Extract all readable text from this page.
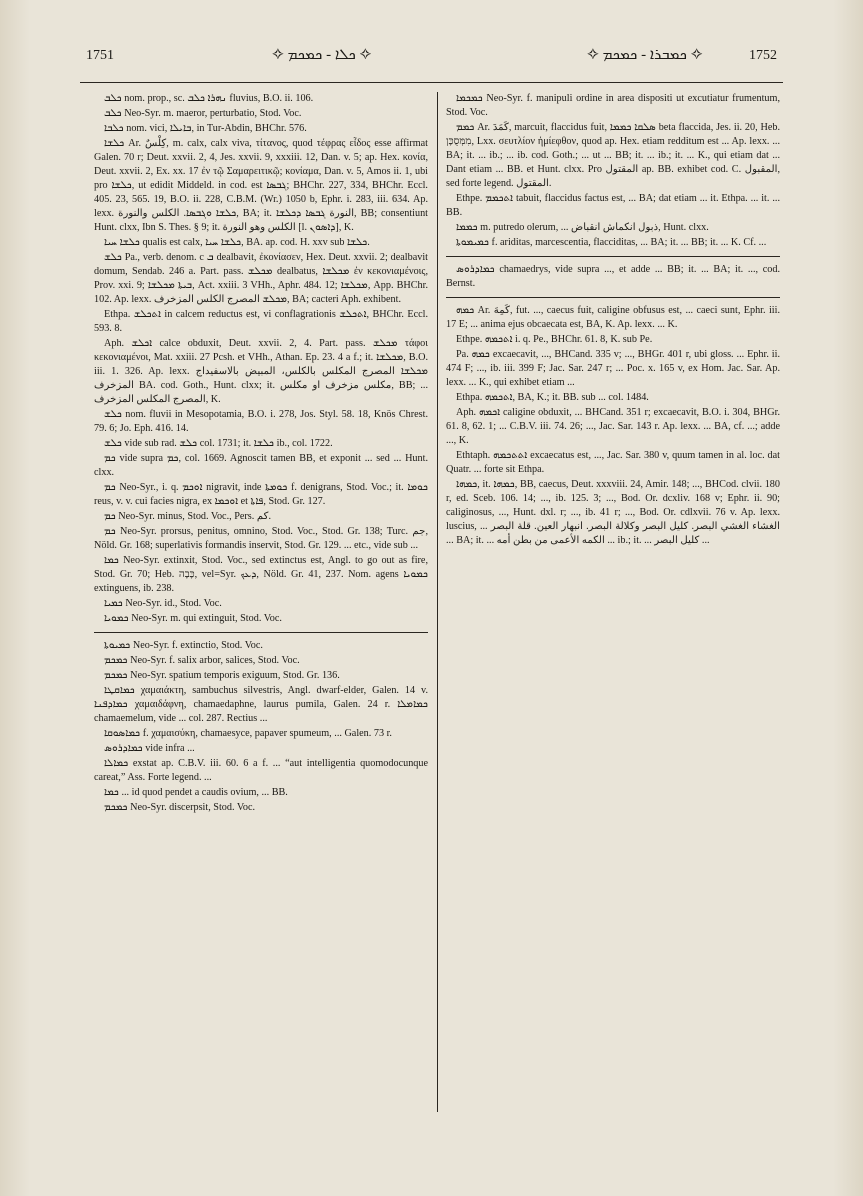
1751	✧ ܟܠܐ - ܟܡܟܡ ✧	✧ ܟܡܒܪܐ - ܟܡܟܡ ✧	1752

ܟܠܒ nom. prop., sc. ܢܗܪܐ ܟܠܒ fluvius, B.O. ii. 106.

ܟܠܒ Neo-Syr. m. maeror, perturbatio, Stod. Voc.

ܟܠܒܐ nom. vici, ܒܐܝܠܐ, in Tur-Abdin, BHChr. 576.

ܟܠܫܐ Ar. كِلْسٌ, m. calx, calx viva, τίτανος, quod τέφρας εἶδος esse affirmat Galen. 70 r; Deut. xxvii. 2, 4, Jes. xxvii. 9, xxxiii. 12, Dan. v. 5; ap. Hex. κονία, Deut. xxvii. 2, Ex. xx. 17 ἐν τῷ Σαμαρειτικῷ; κονίαμα, Dan. v. 5, Amos ii. 1, ubi pro ܟܠܫܐ, ut edidit Middeld. in cod. est ܓܒܣܐ; BHChr. 227, 334, BHChr. Eccl. 405. 23, 565. 19, B.O. ii. 228, C.B.M. (Wr.) 1050 b, Ephr. i. 283, iii. 634. Ap. lexx. ܟܠܫܐ ܘܓܒܣܐ. الكلس والنورة, BA; it. النورة ܓܒܣܐ ܕܟܠܫܐ, BB; consentiunt Hunt. clxx, Ibn S. Thes. § 9; it. الكلس وهو النورة [l. ܕܐܣܘܢ], K.

ܟܠܫܐ ܚܝܐ qualis est calx, ܟܠܫܐ ܚܝܐ, BA. ap. cod. H. xxv sub ܟܠܫܐ.

ܟܠܫ Pa., verb. denom. c ܒ dealbavit, ἐκονίασεν, Hex. Deut. xxvii. 2; dealbavit domum, Sendab. 246 a. Part. pass. ܡܟܠܫ dealbatus, ܡܟܠܫܐ ἐν κεκονιαμένοις, Prov. xxi. 9; ܒܝܬܐ ܡܟܠܫܐ, Act. xxiii. 3 VHh., Aphr. 484. 12; ܡܟܠܫܐ, App. BHChr. 102. Ap. lexx. ܡܟܠܫ المصرج الكلس المزخرف, BA; cacteri Aph. exhibent.

Ethpa. ܐܬܟܠܫ in calcem reductus est, vi conflagrationis ܐܬܟܠܫ, BHChr. Eccl. 593. 8.

Aph. ܐܟܠܫ calce obduxit, Deut. xxvii. 2, 4. Part. pass. ܡܟܠܫ τάφοι κεκονιαμένοι, Mat. xxiii. 27 Pcsh. et VHh., Athan. Ep. 23. 4 a f.; it. ܡܟܠܫܐ, B.O. iii. 1. 326. Ap. lexx. ܡܟܠܫܐ المصرج المكلس بالكلس، المبيض بالاسفيداج المزخرف BA. cod. Goth., Hunt. clxx; it. مكلس مزخرف او مكلس, BB; ... المصرج المكلس المزخرف, K.

ܟܠܫ nom. fluvii in Mesopotamia, B.O. i. 278, Jos. Styl. 58. 18, Knös Chrest. 79. 6; Jo. Eph. 416. 14.

ܟܠܫ vide sub rad. ܟܠܫ col. 1731; it. ܟܠܫܐ ib., col. 1722.

ܟܡ vide supra ܟܡ, col. 1669. Agnoscit tamen BB, et exponit ... sed ... Hunt. clxx.

ܟܡ Neo-Syr., i. q. ܐܘܟܡ nigravit, inde ܟܘܡܬܐ f. denigrans, Stod. Voc.; it. ܟܘܡܐ reus, v. v. cui facies nigra, ex ܐܘܟܡܐ et ܦܐܬܐ, Stod. Gr. 127.

ܟܡ Neo-Syr. minus, Stod. Voc., Pers. كم.

ܟܡ Neo-Syr. prorsus, penitus, omnino, Stod. Voc., Stod. Gr. 138; Turc. جم, Nöld. Gr. 168; superlativis formandis inservit, Stod. Gr. 129. ... etc., vide sub ...

ܟܡܐ Neo-Syr. extinxit, Stod. Voc., sed extinctus est, Angl. to go out as fire, Stod. Gr. 70; Heb. כָּבָה, vel=Syr. ܕܥܟ, Nöld. Gr. 41, 237. Nom. agens ܟܡܘܝܐ extinguens, ib. 238.

ܟܡܝܐ Neo-Syr. id., Stod. Voc.

ܟܡܘܝܐ Neo-Syr. m. qui extinguit, Stod. Voc.

ܟܡܝܘܬܐ Neo-Syr. f. extinctio, Stod. Voc.

ܟܡܟܡ Neo-Syr. f. salix arbor, salices, Stod. Voc.

ܟܡܟܡ Neo-Syr. spatium temporis exiguum, Stod. Gr. 136.

ܟܡܐܩܛܐ χαμαιάκτη, sambuchus silvestris, Angl. dwarf-elder, Galen. 14 v. ܟܡܐܕܦܢܐ χαμαιδάφνη, chamaedaphne, laurus pumila, Galen. 24 r. ܟܡܐܡܠܐ chamaemelum, vide ... col. 287. Rectius ...

ܟܡܐܣܘܩܐ f. χαμαισύκη, chamaesyce, papaver spumeum, ... Galen. 73 r.

ܟܡܐܕܪܘܣ vide infra ...

ܟܡܐܠܐ exstat ap. C.B.V. iii. 60. 6 a f. ... “aut intelligentia quomodocunque careat,” Ass. Forte legend. ...

ܟܡܐ ... id quod pendet a caudis ovium, ... BB.

ܟܡܟܡ Neo-Syr. discerpsit, Stod. Voc.

ܟܡܟܡܐ Neo-Syr. f. manipuli ordine in area dispositi ut excutiatur frumentum, Stod. Voc.

ܟܡܡ Ar. كَمَدَ, marcuit, flaccidus fuit, ܣܠܩܐ ܟܡܡܐ beta flaccida, Jes. ii. 20, Heb. מִמְּסֻכָּן, Lxx. σευτλίον ἡμίεφθον, quod ap. Hex. etiam redditum est ... Ap. lexx. ... BA; it. ... ib.; ... ib. cod. Goth.; ... ut ... BB; it. ... ib.; it. ... K., qui etiam dat ... Dant etiam ... BB. et Hunt. clxx. Pro المقتول ap. BB. exhibet cod. C. المقبول, sed forte legend. المقتول.

Ethpe. ܐܬܟܡܡ tabuit, flaccidus factus est, ... BA; dat etiam ... it. Ethpa. ... it. ... BB.

ܟܡܡܐ m. putredo olerum, ... ذبول انكماش انقباض, Hunt. clxx.

ܟܡܝܡܘܬܐ f. ariditas, marcescentia, flacciditas, ... BA; it. ... BB; it. ... K. Cf. ...

ܟܡܐܕܪܘܣ chamaedrys, vide supra ..., et adde ... BB; it. ... BA; it. ..., cod. Bernst.

ܟܡܗ Ar. كَمِهَ, fut. ..., caecus fuit, caligine obfusus est, ... caeci sunt, Ephr. iii. 17 E; ... anima ejus obcaecata est, BA, K. Ap. lexx. ... K.

Ethpe. ܐܬܟܡܗ i. q. Pe., BHChr. 61. 8, K. sub Pe.

Pa. ܟܡܗ excaecavit, ..., BHCand. 335 v; ..., BHGr. 401 r, ubi gloss. ... Ephr. ii. 474 F; ..., ib. iii. 399 F; Jac. Sar. 247 r; ... Poc. x. 165 v, ex Hom. Jac. Sar. Ap. lexx. ... K., qui exhibet etiam ...

Ethpa. ܐܬܟܡܗ, BA, K.; it. BB. sub ... col. 1484.

Aph. ܐܟܡܗ caligine obduxit, ... BHCand. 351 r; excaecavit, B.O. i. 304, BHGr. 61. 8, 62. 1; ... C.B.V. iii. 74. 26; ..., Jac. Sar. 143 r. Ap. lexx. ... BA, cf. ...; adde ..., K.

Ethtaph. ܐܬܬܟܡܗ excaecatus est, ..., Jac. Sar. 380 v, quum tamen in al. loc. dat Quatr. ... forte sit Ethpa.

ܟܡܗܐ, it. ܟܡܗܐ, BB, caecus, Deut. xxxviii. 24, Amir. 148; ..., BHCod. clvii. 180 r, ed. Sceb. 106. 14; ..., ib. 125. 3; ..., Bod. Or. dcxliv. 168 v; Ephr. ii. 90; caliginosus, ..., Hunt. dxl. r; ..., ib. 41 r; ..., Bod. Or. cdlxvii. 76 v. Ap. lexx. luscius, ... الغشاء الغشي البصر. كليل البصر وكلالة البصر. انبهار العين. قلة البصر ... BA; it. ... الكمه الأعمى من بطن أمه ... ib.; it. ... كليل البصر ...
